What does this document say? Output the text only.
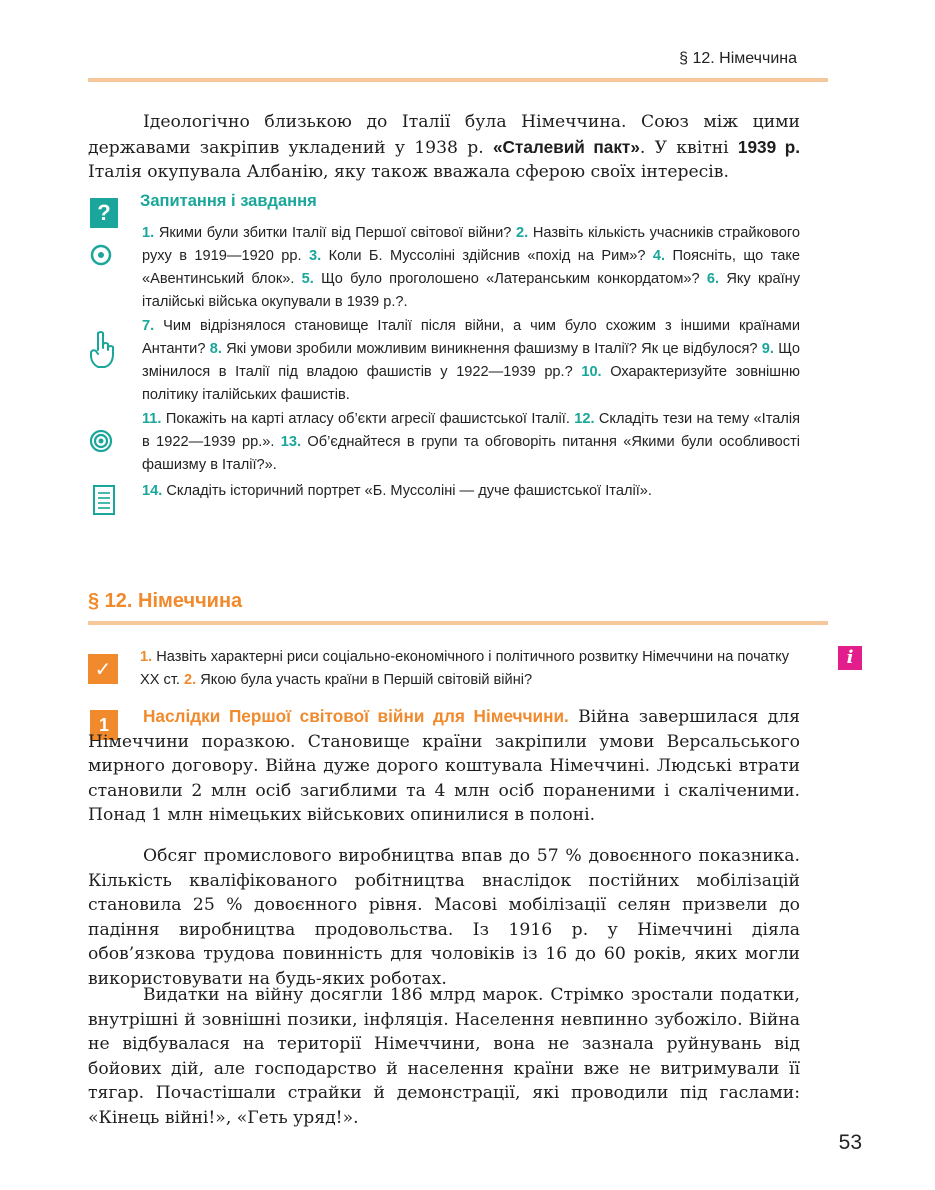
§ 12. Німеччина

Ідеологічно близькою до Італії була Німеччина. Союз між цими державами закріпив укладений у 1938 р. «Сталевий пакт». У квітні 1939 р. Італія окупувала Албанію, яку також вважала сферою своїх інтересів.

?	Запитання і завдання

1. Якими були збитки Італії від Першої світової війни? 2. Назвіть кількість учасників страйкового руху в 1919—1920 рр. 3. Коли Б. Муссоліні здійснив «похід на Рим»? 4. Поясніть, що таке «Авентинський блок». 5. Що було проголошено «Латеранським конкордатом»? 6. Яку країну італійські війська окупували в 1939 р.?.

7. Чим відрізнялося становище Італії після війни, а чим було схожим з іншими країнами Антанти? 8. Які умови зробили можливим виникнення фашизму в Італії? Як це відбулося? 9. Що змінилося в Італії під владою фашистів у 1922—1939 рр.? 10. Охарактеризуйте зовнішню політику італійських фашистів.

11. Покажіть на карті атласу об’єкти агресії фашистської Італії. 12. Складіть тези на тему «Італія в 1922—1939 рр.». 13. Об’єднайтеся в групи та обговоріть питання «Якими були особливості фашизму в Італії?».

14. Складіть історичний портрет «Б. Муссоліні — дуче фашистської Італії».

§ 12. Німеччина
✓	1. Назвіть характерні риси соціально-економічного і політичного розвитку Німеччини на початку ХХ ст. 2. Якою була участь країни в Першій світовій війні?

i
1	Наслідки Першої світової війни для Німеччини. Війна завершилася для Німеччини поразкою. Становище країни закріпили умови Версальського мирного договору. Війна дуже дорого коштувала Німеччині. Людські втрати становили 2 млн осіб загиблими та 4 млн осіб пораненими і скаліченими. Понад 1 млн німецьких військових опинилися в полоні.

Обсяг промислового виробництва впав до 57 % довоєнного показника. Кількість кваліфікованого робітництва внаслідок постійних мобілізацій становила 25 % довоєнного рівня. Масові мобілізації селян призвели до падіння виробництва продовольства. Із 1916 р. у Німеччині діяла обов’язкова трудова повинність для чоловіків із 16 до 60 років, яких могли використовувати на будь-яких роботах.

Видатки на війну досягли 186 млрд марок. Стрімко зростали податки, внутрішні й зовнішні позики, інфляція. Населення невпинно зубожіло. Війна не відбувалася на території Німеччини, вона не зазнала руйнувань від бойових дій, але господарство й населення країни вже не витримували її тягар. Почастішали страйки й демонстрації, які проводили під гаслами: «Кінець війні!», «Геть уряд!».

53
